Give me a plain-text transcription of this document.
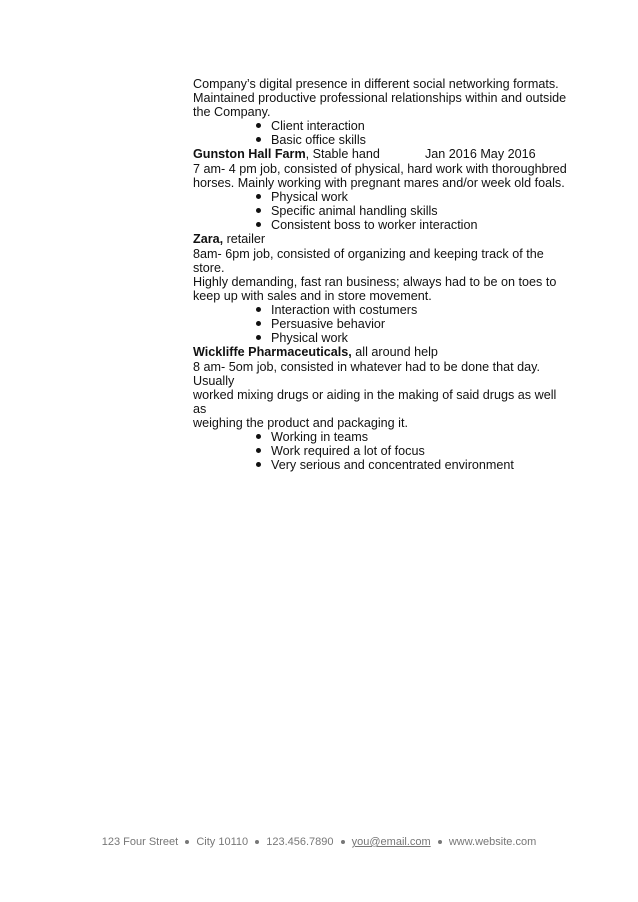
Company’s digital presence in different social networking formats.

Maintained productive professional relationships within and outside

the Company.

Client interaction
Basic office skills
Gunston Hall Farm, Stable hand	Jan 2016 May 2016

7 am- 4 pm job, consisted of physical, hard work with thoroughbred

horses. Mainly working with pregnant mares and/or week old foals.

Physical work
Specific animal handling skills
Consistent boss to worker interaction
Zara, retailer

8am- 6pm job, consisted of organizing and keeping track of the store.

Highly demanding, fast ran business; always had to be on toes to

keep up with sales and in store movement.

Interaction with costumers
Persuasive behavior
Physical work
Wickliffe Pharmaceuticals, all around help

8 am- 5om job, consisted in whatever had to be done that day. Usually

worked mixing drugs or aiding in the making of said drugs as well as

weighing the product and packaging it.

Working in teams
Work required a lot of focus
Very serious and concentrated environment
123 Four Street City 10110 123.456.7890 you@email.com www.website.com
